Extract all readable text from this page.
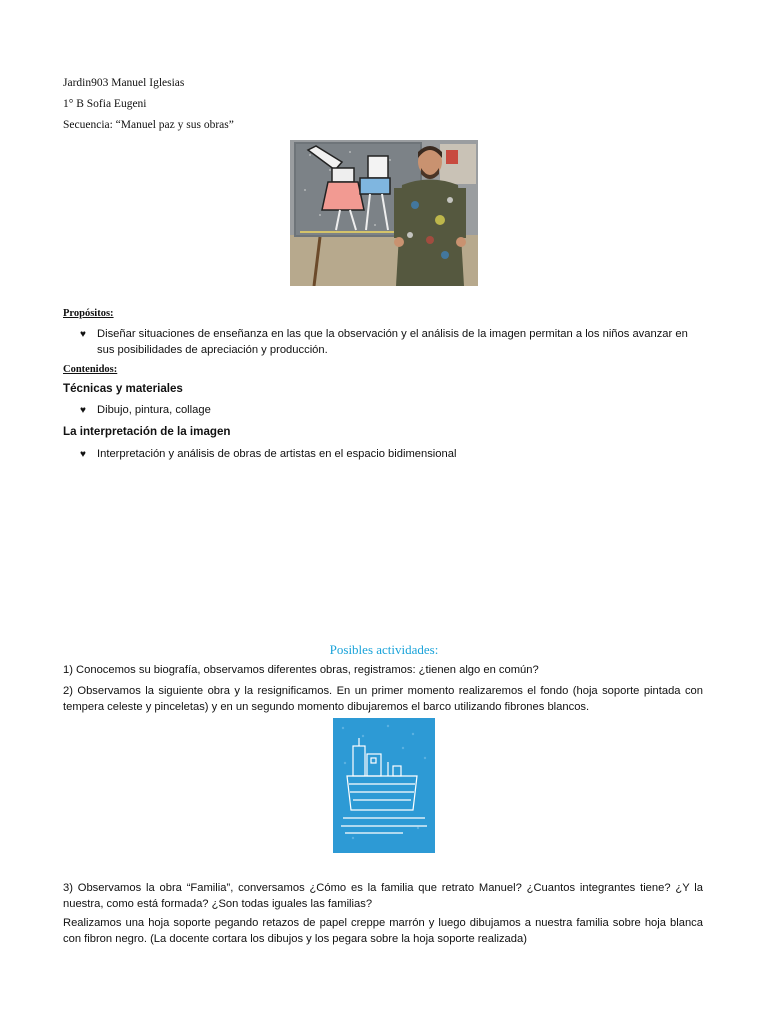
Jardin903 Manuel Iglesias
1° B Sofia Eugeni
Secuencia: “Manuel paz y sus obras”
Propósitos:
♥ Diseñar situaciones de enseñanza en las que la observación y el análisis de la imagen permitan a los niños avanzar en sus posibilidades de apreciación y producción.
Contenidos:
Técnicas y materiales
♥ Dibujo, pintura, collage
La interpretación de la imagen
♥ Interpretación y análisis de obras de artistas en el espacio bidimensional
Posibles actividades:
1) Conocemos su biografía, observamos diferentes obras, registramos: ¿tienen algo en común?
2) Observamos la siguiente obra y la resignificamos. En un primer momento realizaremos el fondo (hoja soporte pintada con tempera celeste y pinceletas) y en un segundo momento dibujaremos el barco utilizando fibrones blancos.
3) Observamos la obra “Familia”, conversamos ¿Cómo es la familia que retrato Manuel? ¿Cuantos integrantes tiene? ¿Y la nuestra, como está formada? ¿Son todas iguales las familias?
Realizamos una hoja soporte pegando retazos de papel creppe marrón y luego dibujamos a nuestra familia sobre hoja blanca con fibron negro. (La docente cortara los dibujos y los pegara sobre la hoja soporte realizada)
